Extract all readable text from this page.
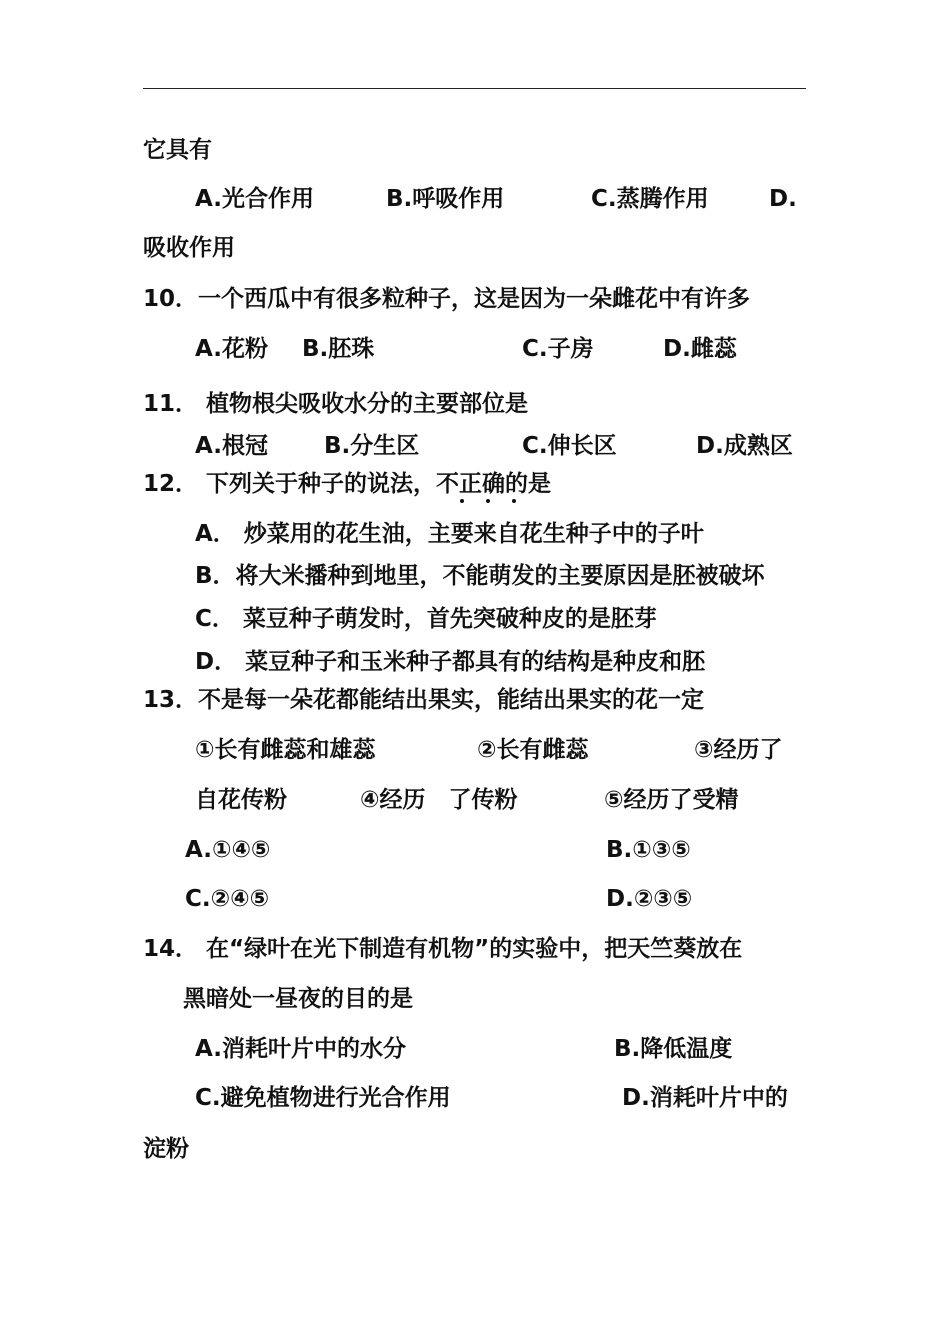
它具有
A.光合作用	B.呼吸作用	C.蒸腾作用	D.
吸收作用
10．一个西瓜中有很多粒种子，这是因为一朵雌花中有许多
A.花粉 B.胚珠	C.子房	D.雌蕊
11． 植物根尖吸收水分的主要部位是
A.根冠 B.分生区	C.伸长区	D.成熟区
12． 下列关于种子的说法，不正确的是
A． 炒菜用的花生油，主要来自花生种子中的子叶
B．将大米播种到地里，不能萌发的主要原因是胚被破坏
C． 菜豆种子萌发时，首先突破种皮的是胚芽
D． 菜豆种子和玉米种子都具有的结构是种皮和胚
13．不是每一朵花都能结出果实，能结出果实的花一定
①长有雌蕊和雄蕊	②长有雌蕊	③经历了
自花传粉	④经历　了传粉	⑤经历了受精
A.①④⑤	B.①③⑤
C.②④⑤	D.②③⑤
14． 在“绿叶在光下制造有机物”的实验中，把天竺葵放在
黑暗处一昼夜的目的是
A.消耗叶片中的水分	B.降低温度
C.避免植物进行光合作用	D.消耗叶片中的
淀粉
